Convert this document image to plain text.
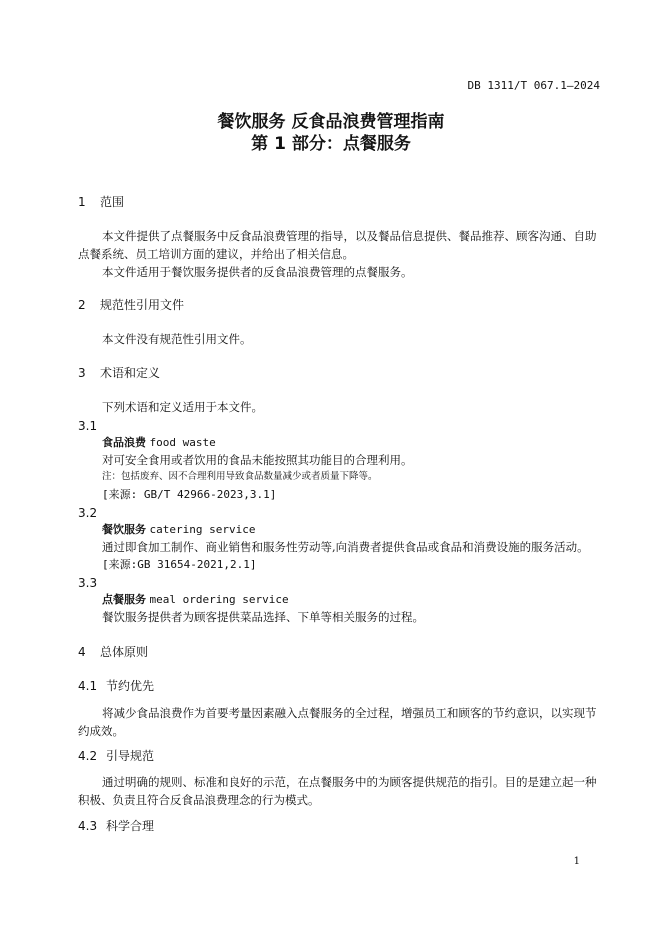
DB 1311/T 067.1—2024
餐饮服务 反食品浪费管理指南
第 1 部分：点餐服务
1 范围
本文件提供了点餐服务中反食品浪费管理的指导，以及餐品信息提供、餐品推荐、顾客沟通、自助
点餐系统、员工培训方面的建议，并给出了相关信息。
本文件适用于餐饮服务提供者的反食品浪费管理的点餐服务。
2 规范性引用文件
本文件没有规范性引用文件。
3 术语和定义
下列术语和定义适用于本文件。
3.1
食品浪费 food waste
对可安全食用或者饮用的食品未能按照其功能目的合理利用。
注：包括废弃、因不合理利用导致食品数量减少或者质量下降等。
[来源: GB/T 42966-2023,3.1]
3.2
餐饮服务 catering service
通过即食加工制作、商业销售和服务性劳动等,向消费者提供食品或食品和消费设施的服务活动。
[来源:GB 31654-2021,2.1]
3.3
点餐服务 meal ordering service
餐饮服务提供者为顾客提供菜品选择、下单等相关服务的过程。
4 总体原则
4.1 节约优先
将减少食品浪费作为首要考量因素融入点餐服务的全过程，增强员工和顾客的节约意识，以实现节
约成效。
4.2 引导规范
通过明确的规则、标准和良好的示范，在点餐服务中的为顾客提供规范的指引。目的是建立起一种
积极、负责且符合反食品浪费理念的行为模式。
4.3 科学合理
1
